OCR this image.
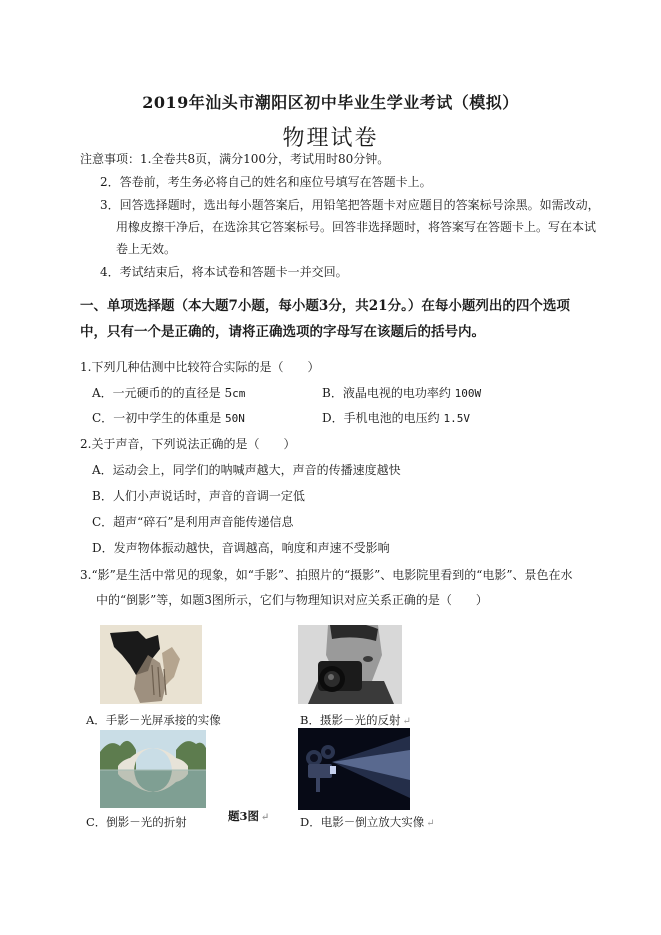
2019年汕头市潮阳区初中毕业生学业考试（模拟）
物理试卷
注意事项：1.全卷共8页，满分100分，考试用时80分钟。
2．答卷前，考生务必将自己的姓名和座位号填写在答题卡上。
3．回答选择题时，选出每小题答案后，用铅笔把答题卡对应题目的答案标号涂黑。如需改动，
用橡皮擦干净后，在选涂其它答案标号。回答非选择题时，将答案写在答题卡上。写在本试
卷上无效。
4．考试结束后，将本试卷和答题卡一并交回。
一、单项选择题（本大题7小题，每小题3分，共21分。）在每小题列出的四个选项
中，只有一个是正确的，请将正确选项的字母写在该题后的括号内。
1.下列几种估测中比较符合实际的是（　　）
A．一元硬币的的直径是 5cm	B．液晶电视的电功率约 100W
C．一初中学生的体重是 50N	D．手机电池的电压约 1.5V
2.关于声音，下列说法正确的是（　　）
A．运动会上，同学们的呐喊声越大，声音的传播速度越快
B．人们小声说话时，声音的音调一定低
C．超声“碎石”是利用声音能传递信息
D．发声物体振动越快，音调越高，响度和声速不受影响
3.“影”是生活中常见的现象，如“手影”、拍照片的“摄影”、电影院里看到的“电影”、景色在水
中的“倒影”等，如题3图所示，它们与物理知识对应关系正确的是（　　）
A．手影－光屏承接的实像	B．摄影－光的反射 ↵
C．倒影－光的折射	题3图 ↵	D．电影－倒立放大实像 ↵
